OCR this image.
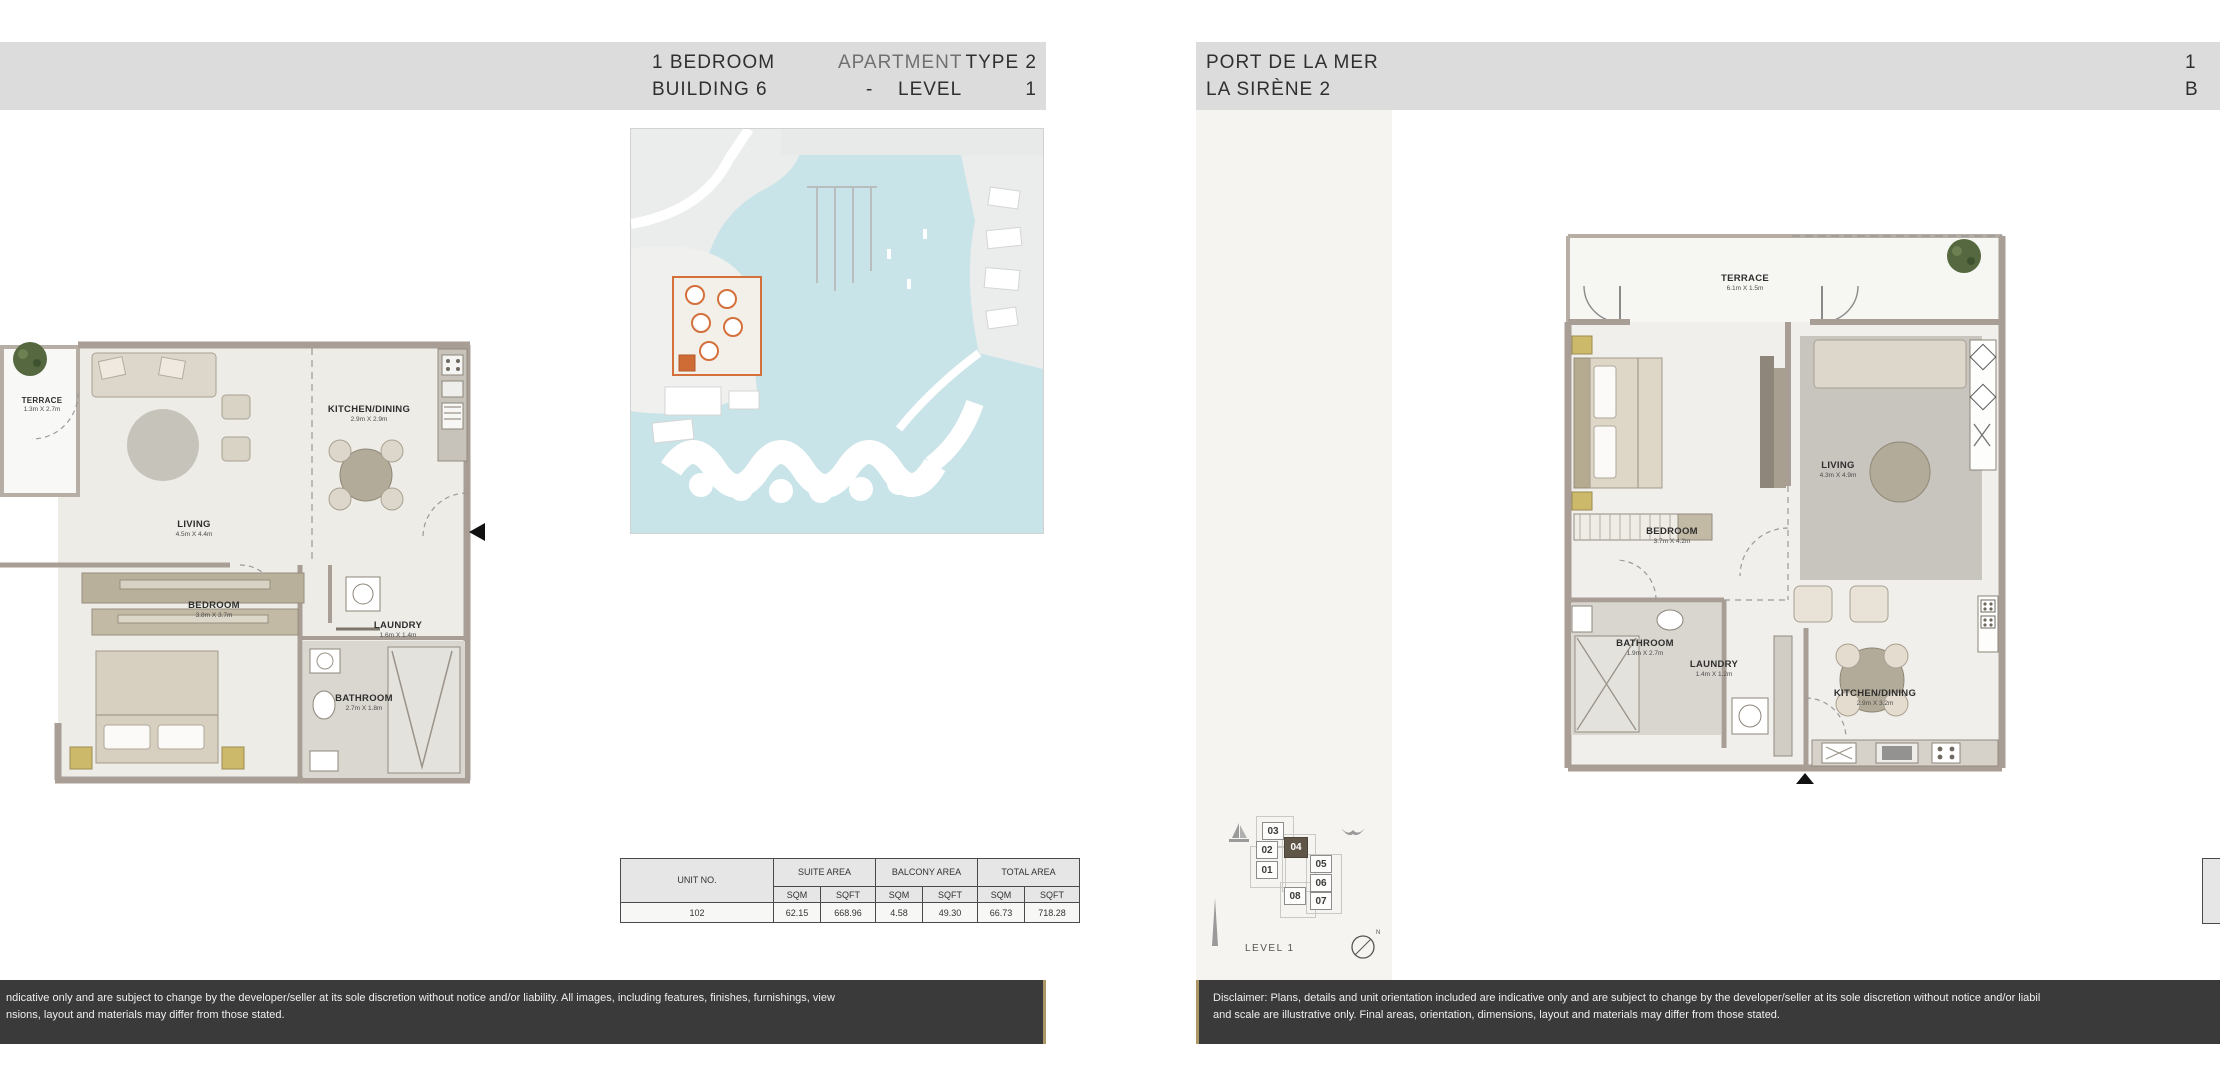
1 BEDROOM	APARTMENT TYPE 2
BUILDING 6	- LEVEL	1
PORT DE LA MER
LA SIRÈNE 2
1
B
TERRACE
1.3m X 2.7m
LIVING
4.5m X 4.4m
BEDROOM
3.8m X 3.7m
KITCHEN/DINING
2.9m X 2.9m
LAUNDRY
1.6m X 1.4m
BATHROOM
2.7m X 1.8m
UNIT NO.	SUITE AREA		BALCONY AREA		TOTAL AREA	
	SQM	SQFT	SQM	SQFT	SQM	SQFT
102	62.15	668.96	4.58	49.30	66.73	718.28
TERRACE
6.1m X 1.5m
BEDROOM
3.7m X 4.2m
LIVING
4.3m X 4.9m
BATHROOM
1.9m X 2.7m
LAUNDRY
1.4m X 1.2m
KITCHEN/DINING
2.9m X 3.2m
03
02	04
05
01
06
08	07
LEVEL 1
N
ndicative only and are subject to change by the developer/seller at its sole discretion without notice and/or liability. All images, including features, finishes, furnishings, view
nsions, layout and materials may differ from those stated.
Disclaimer: Plans, details and unit orientation included are indicative only and are subject to change by the developer/seller at its sole discretion without notice and/or liabil
and scale are illustrative only. Final areas, orientation, dimensions, layout and materials may differ from those stated.
